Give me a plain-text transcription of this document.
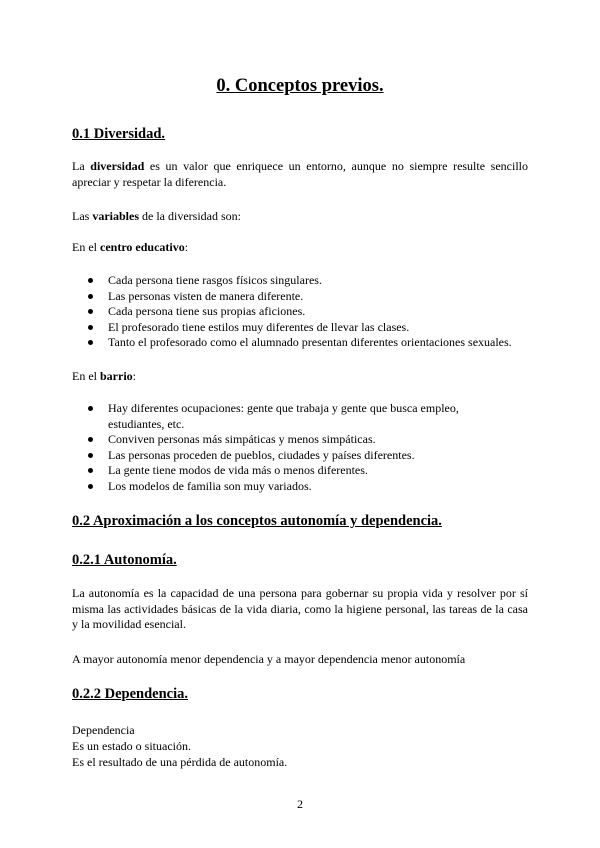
0. Conceptos previos.
0.1 Diversidad.

La diversidad es un valor que enriquece un entorno, aunque no siempre resulte sencillo apreciar y respetar la diferencia.

Las variables de la diversidad son:

En el centro educativo:

Cada persona tiene rasgos físicos singulares.
Las personas visten de manera diferente.
Cada persona tiene sus propias aficiones.
El profesorado tiene estilos muy diferentes de llevar las clases.
Tanto el profesorado como el alumnado presentan diferentes orientaciones sexuales.

En el barrio:

Hay diferentes ocupaciones: gente que trabaja y gente que busca empleo, estudiantes, etc.
Conviven personas más simpáticas y menos simpáticas.
Las personas proceden de pueblos, ciudades y países diferentes.
La gente tiene modos de vida más o menos diferentes.
Los modelos de familia son muy variados.
0.2 Aproximación a los conceptos autonomía y dependencia.
0.2.1 Autonomía.

La autonomía es la capacidad de una persona para gobernar su propia vida y resolver por sí misma las actividades básicas de la vida diaria, como la higiene personal, las tareas de la casa y la movilidad esencial.

A mayor autonomía menor dependencia y a mayor dependencia menor autonomía

0.2.2 Dependencia.

Dependencia

Es un estado o situación.

Es el resultado de una pérdida de autonomía.

2
